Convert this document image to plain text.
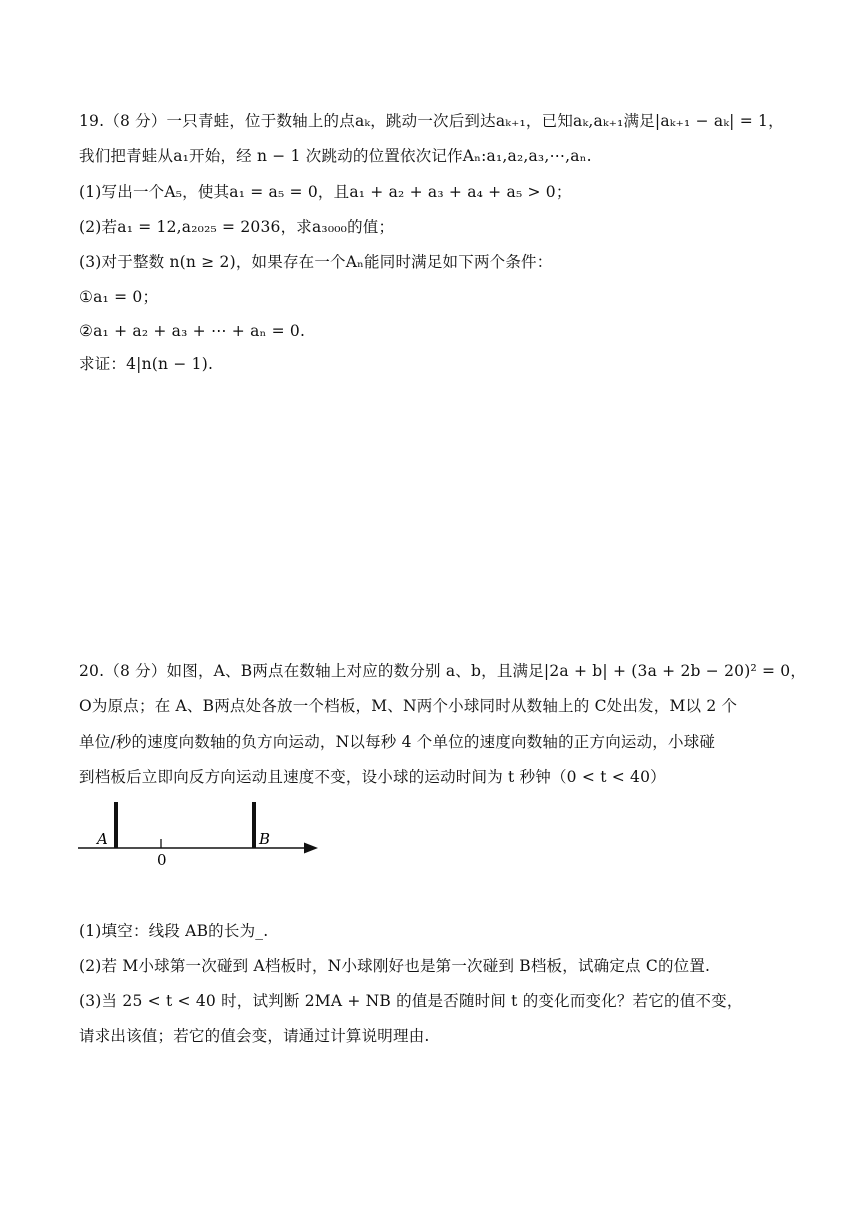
19.（8 分）一只青蛙，位于数轴上的点aₖ，跳动一次后到达aₖ₊₁，已知aₖ,aₖ₊₁满足|aₖ₊₁ − aₖ| = 1，
我们把青蛙从a₁开始，经 n − 1 次跳动的位置依次记作Aₙ:a₁,a₂,a₃,⋯,aₙ.
(1)写出一个A₅，使其a₁ = a₅ = 0，且a₁ + a₂ + a₃ + a₄ + a₅ > 0；
(2)若a₁ = 12,a₂₀₂₅ = 2036，求a₃₀₀₀的值；
(3)对于整数 n(n ≥ 2)，如果存在一个Aₙ能同时满足如下两个条件：
①a₁ = 0；
②a₁ + a₂ + a₃ + ⋯ + aₙ = 0.
求证：4|n(n − 1).
20.（8 分）如图，A、B两点在数轴上对应的数分别 a、b，且满足|2a + b| + (3a + 2b − 20)² = 0，
O为原点；在 A、B两点处各放一个档板，M、N两个小球同时从数轴上的 C处出发，M以 2 个
单位/秒的速度向数轴的负方向运动，N以每秒 4 个单位的速度向数轴的正方向运动，小球碰
到档板后立即向反方向运动且速度不变，设小球的运动时间为 t 秒钟（0 < t < 40）
A	B
0
(1)填空：线段 AB的长为_.
(2)若 M小球第一次碰到 A档板时，N小球刚好也是第一次碰到 B档板，试确定点 C的位置.
(3)当 25 < t < 40 时，试判断 2MA + NB 的值是否随时间 t 的变化而变化？若它的值不变，
请求出该值；若它的值会变，请通过计算说明理由.
